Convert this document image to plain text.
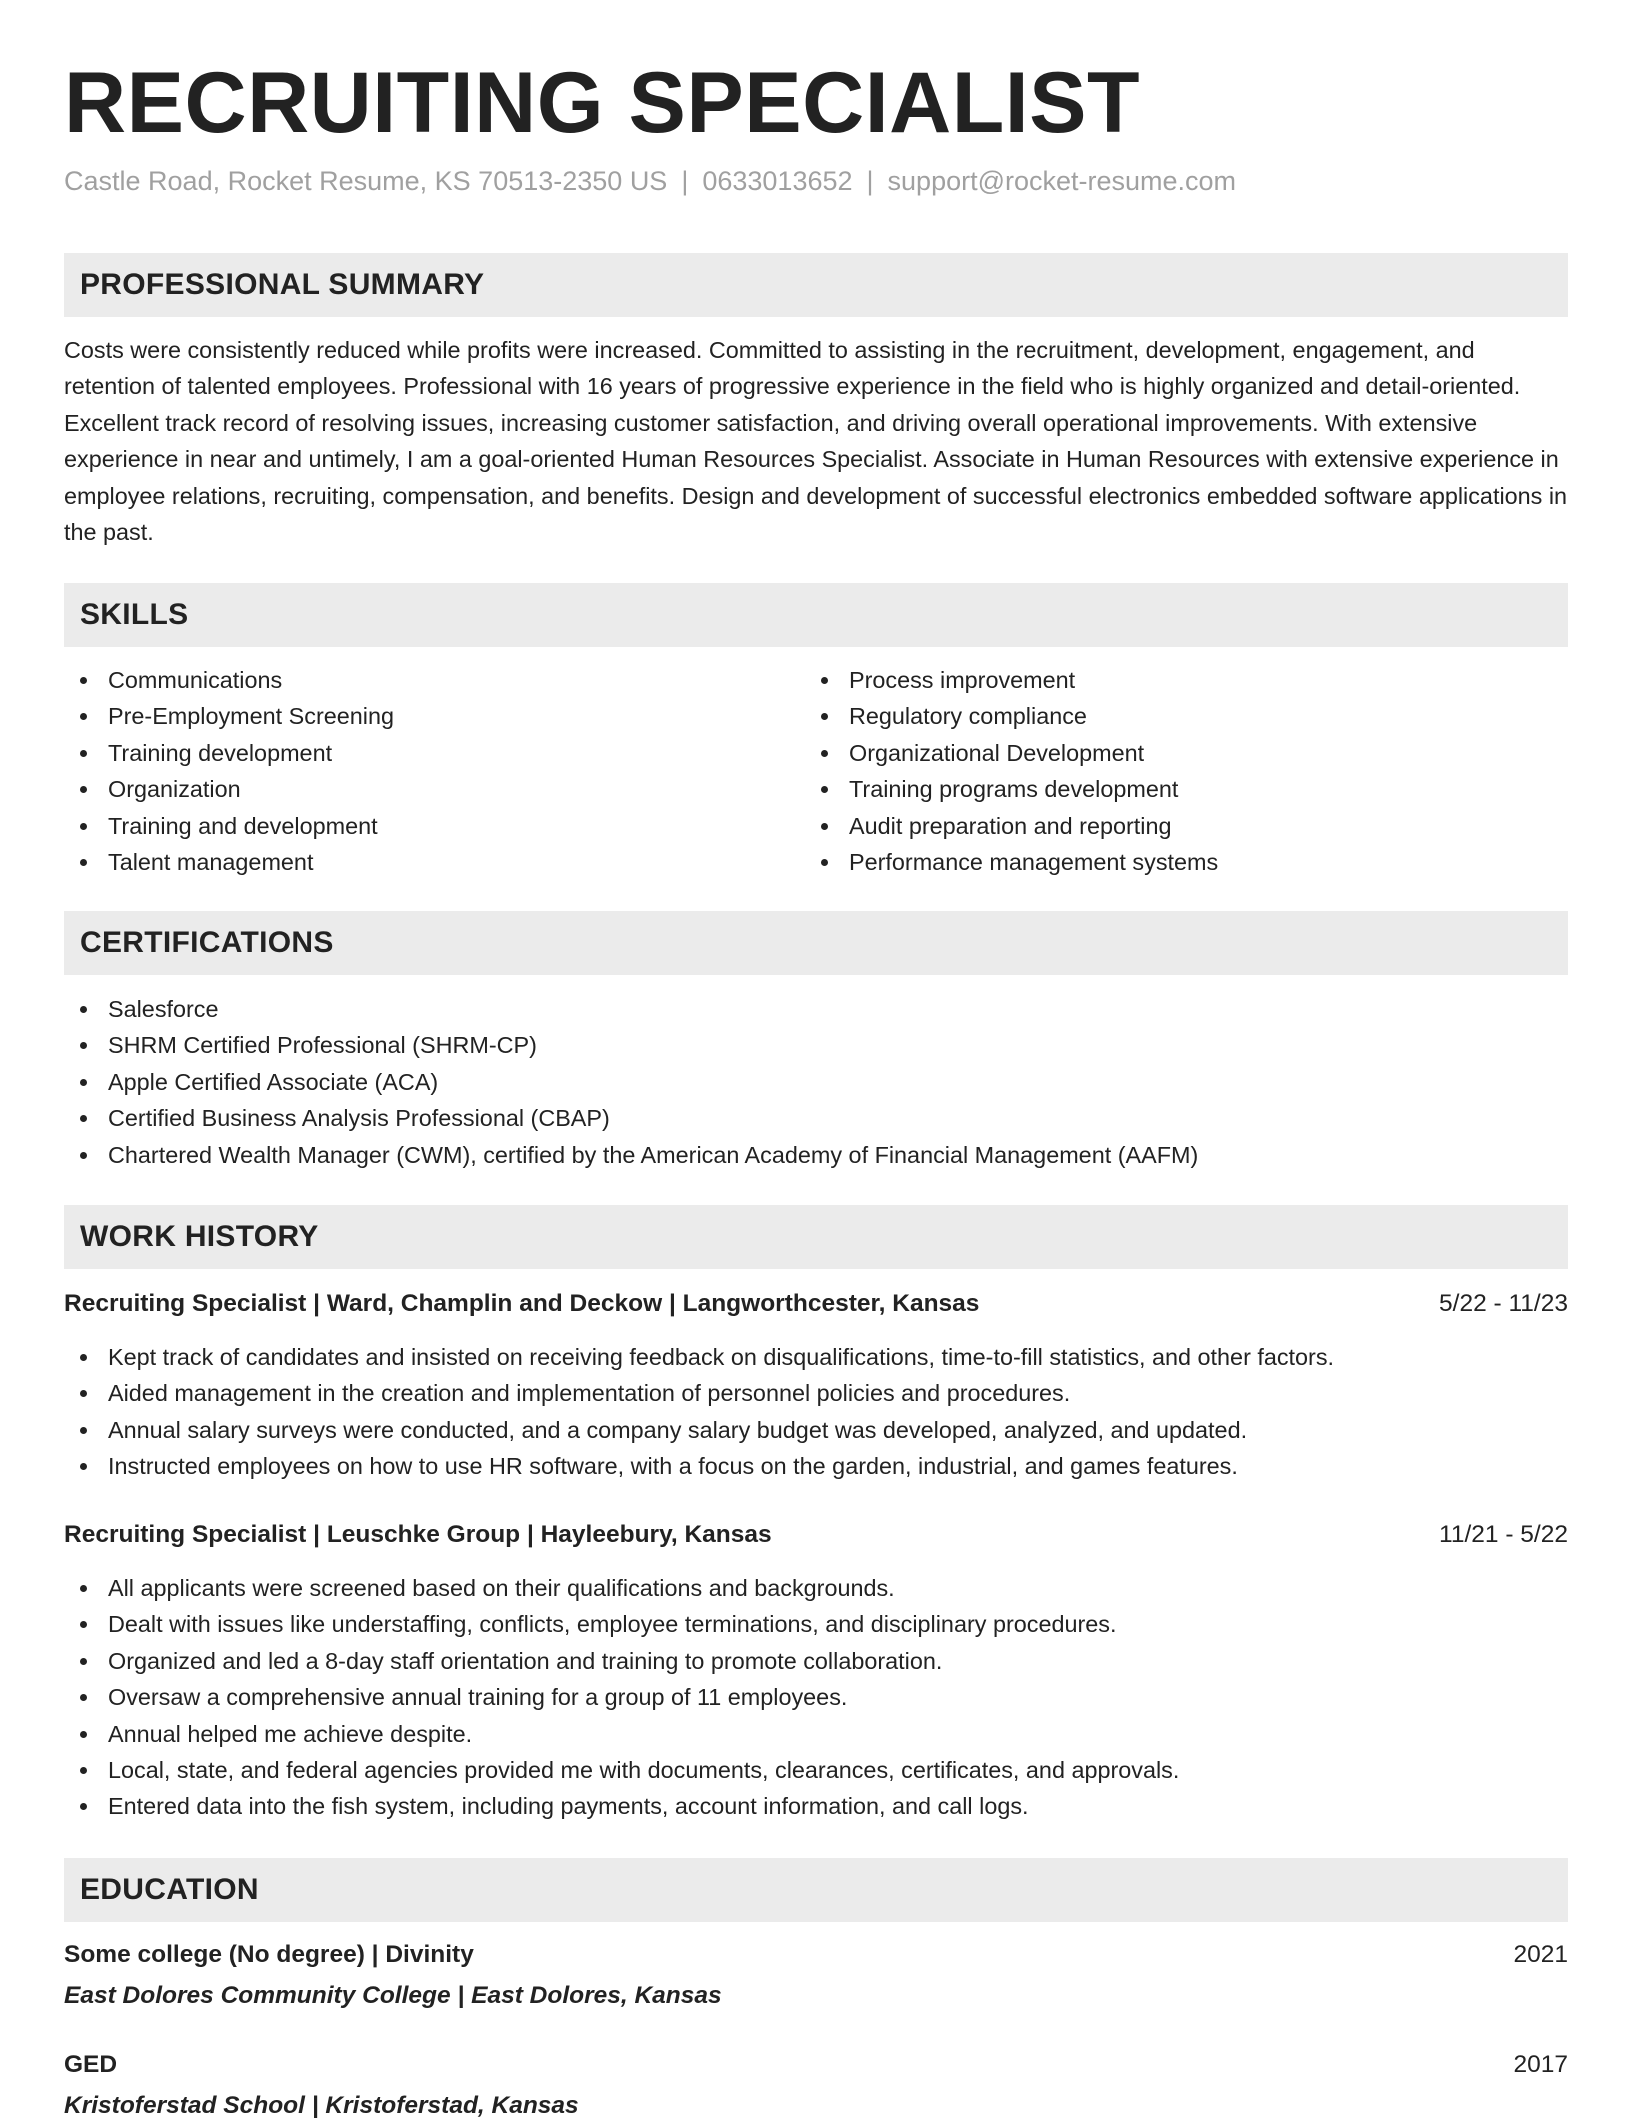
RECRUITING SPECIALIST
Castle Road, Rocket Resume, KS 70513-2350 US | 0633013652 | support@rocket-resume.com
PROFESSIONAL SUMMARY
Costs were consistently reduced while profits were increased. Committed to assisting in the recruitment, development, engagement, and retention of talented employees. Professional with 16 years of progressive experience in the field who is highly organized and detail-oriented. Excellent track record of resolving issues, increasing customer satisfaction, and driving overall operational improvements. With extensive experience in near and untimely, I am a goal-oriented Human Resources Specialist. Associate in Human Resources with extensive experience in employee relations, recruiting, compensation, and benefits. Design and development of successful electronics embedded software applications in the past.
SKILLS
Communications
Pre-Employment Screening
Training development
Organization
Training and development
Talent management
Process improvement
Regulatory compliance
Organizational Development
Training programs development
Audit preparation and reporting
Performance management systems
CERTIFICATIONS
Salesforce
SHRM Certified Professional (SHRM-CP)
Apple Certified Associate (ACA)
Certified Business Analysis Professional (CBAP)
Chartered Wealth Manager (CWM), certified by the American Academy of Financial Management (AAFM)
WORK HISTORY
Recruiting Specialist | Ward, Champlin and Deckow | Langworthcester, Kansas	5/22 - 11/23
Kept track of candidates and insisted on receiving feedback on disqualifications, time-to-fill statistics, and other factors.
Aided management in the creation and implementation of personnel policies and procedures.
Annual salary surveys were conducted, and a company salary budget was developed, analyzed, and updated.
Instructed employees on how to use HR software, with a focus on the garden, industrial, and games features.
Recruiting Specialist | Leuschke Group | Hayleebury, Kansas	11/21 - 5/22
All applicants were screened based on their qualifications and backgrounds.
Dealt with issues like understaffing, conflicts, employee terminations, and disciplinary procedures.
Organized and led a 8-day staff orientation and training to promote collaboration.
Oversaw a comprehensive annual training for a group of 11 employees.
Annual helped me achieve despite.
Local, state, and federal agencies provided me with documents, clearances, certificates, and approvals.
Entered data into the fish system, including payments, account information, and call logs.
EDUCATION
Some college (No degree) | Divinity	2021
East Dolores Community College | East Dolores, Kansas
GED	2017
Kristoferstad School | Kristoferstad, Kansas
